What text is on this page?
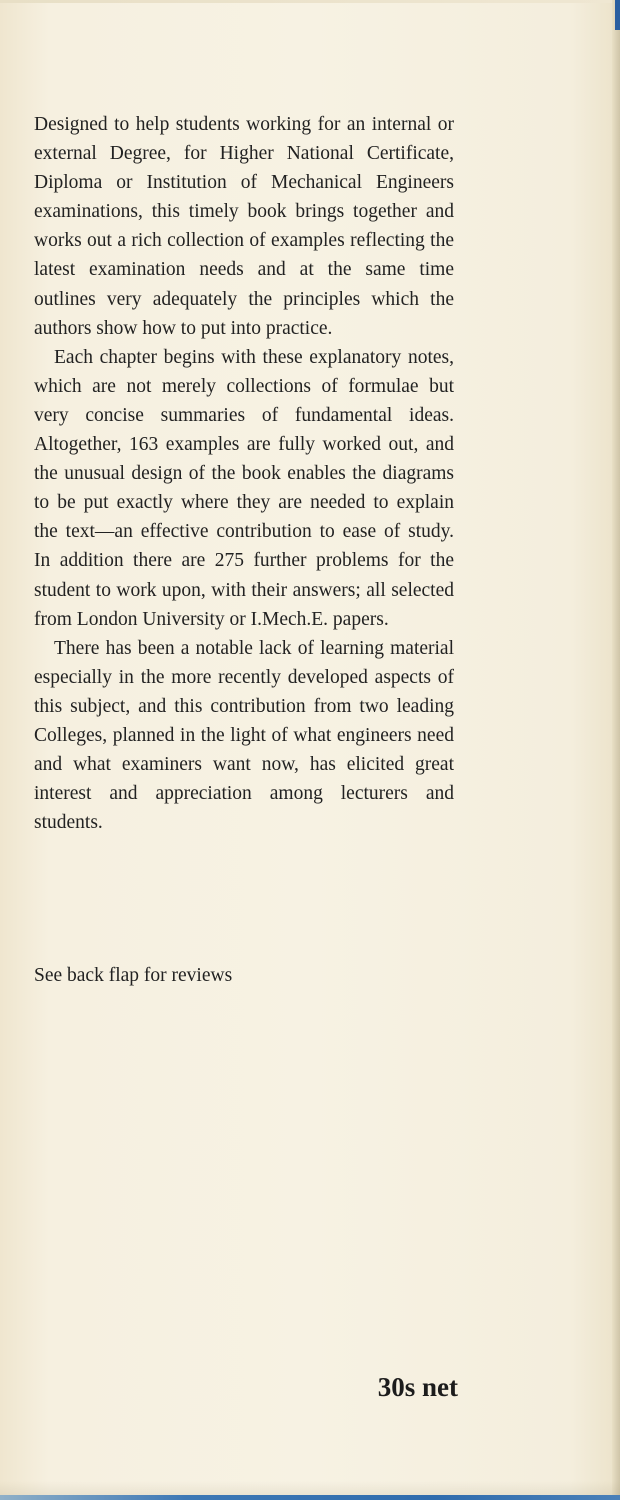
Designed to help students working for an internal or external Degree, for Higher National Certificate, Diploma or Institution of Mechanical Engineers examinations, this timely book brings together and works out a rich collection of examples reflecting the latest examination needs and at the same time outlines very adequately the principles which the authors show how to put into practice.

Each chapter begins with these explanatory notes, which are not merely collections of formulae but very concise summaries of fundamental ideas. Altogether, 163 examples are fully worked out, and the unusual design of the book enables the diagrams to be put exactly where they are needed to explain the text—an effective contribution to ease of study. In addition there are 275 further problems for the student to work upon, with their answers; all selected from London University or I.Mech.E. papers.

There has been a notable lack of learning material especially in the more recently developed aspects of this subject, and this contribution from two leading Colleges, planned in the light of what engineers need and what examiners want now, has elicited great interest and appreciation among lecturers and students.

See back flap for reviews

30s net
